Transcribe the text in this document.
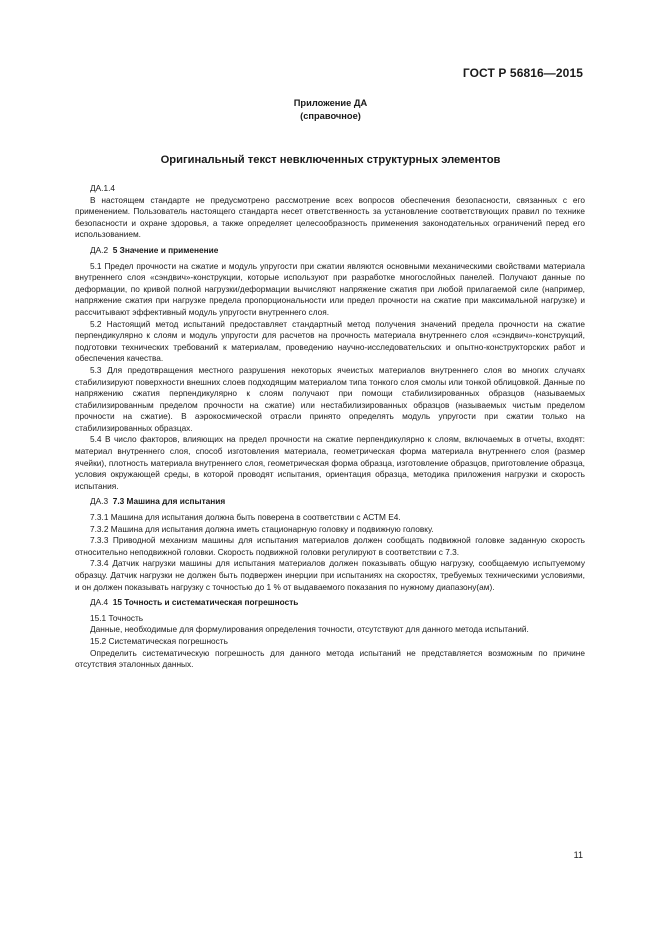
ГОСТ Р 56816—2015
Приложение ДА
(справочное)
Оригинальный текст невключенных структурных элементов

ДА.1.4

В настоящем стандарте не предусмотрено рассмотрение всех вопросов обеспечения безопасности, связанных с его применением. Пользователь настоящего стандарта несет ответственность за установление соответствующих правил по технике безопасности и охране здоровья, а также определяет целесообразность применения законодательных ограничений перед его использованием.

ДА.2 5 Значение и применение

5.1 Предел прочности на сжатие и модуль упругости при сжатии являются основными механическими свойствами материала внутреннего слоя «сэндвич»-конструкции, которые используют при разработке многослойных панелей. Получают данные по деформации, по кривой полной нагрузки/деформации вычисляют напряжение сжатия при любой прилагаемой силе (например, напряжение сжатия при нагрузке предела пропорциональности или предел прочности на сжатие при максимальной нагрузке) и рассчитывают эффективный модуль упругости внутреннего слоя.

5.2 Настоящий метод испытаний предоставляет стандартный метод получения значений предела прочности на сжатие перпендикулярно к слоям и модуль упругости для расчетов на прочность материала внутреннего слоя «сэндвич»-конструкций, подготовки технических требований к материалам, проведению научно-исследовательских и опытно-конструкторских работ и обеспечения качества.

5.3 Для предотвращения местного разрушения некоторых ячеистых материалов внутреннего слоя во многих случаях стабилизируют поверхности внешних слоев подходящим материалом типа тонкого слоя смолы или тонкой облицовкой. Данные по напряжению сжатия перпендикулярно к слоям получают при помощи стабилизированных образцов (называемых стабилизированным пределом прочности на сжатие) или нестабилизированных образцов (называемых чистым пределом прочности на сжатие). В аэрокосмической отрасли принято определять модуль упругости при сжатии только на стабилизированных образцах.

5.4 В число факторов, влияющих на предел прочности на сжатие перпендикулярно к слоям, включаемых в отчеты, входят: материал внутреннего слоя, способ изготовления материала, геометрическая форма материала внутреннего слоя (размер ячейки), плотность материала внутреннего слоя, геометрическая форма образца, изготовление образцов, приготовление образца, условия окружающей среды, в которой проводят испытания, ориентация образца, методика приложения нагрузки и скорость испытания.

ДА.3 7.3 Машина для испытания

7.3.1 Машина для испытания должна быть поверена в соответствии с АСТМ Е4.

7.3.2 Машина для испытания должна иметь стационарную головку и подвижную головку.

7.3.3 Приводной механизм машины для испытания материалов должен сообщать подвижной головке заданную скорость относительно неподвижной головки. Скорость подвижной головки регулируют в соответствии с 7.3.

7.3.4 Датчик нагрузки машины для испытания материалов должен показывать общую нагрузку, сообщаемую испытуемому образцу. Датчик нагрузки не должен быть подвержен инерции при испытаниях на скоростях, требуемых техническими условиями, и он должен показывать нагрузку с точностью до 1 % от выдаваемого показания по нужному диапазону(ам).

ДА.4 15 Точность и систематическая погрешность

15.1 Точность

Данные, необходимые для формулирования определения точности, отсутствуют для данного метода испытаний.

15.2 Систематическая погрешность

Определить систематическую погрешность для данного метода испытаний не представляется возможным по причине отсутствия эталонных данных.

11
